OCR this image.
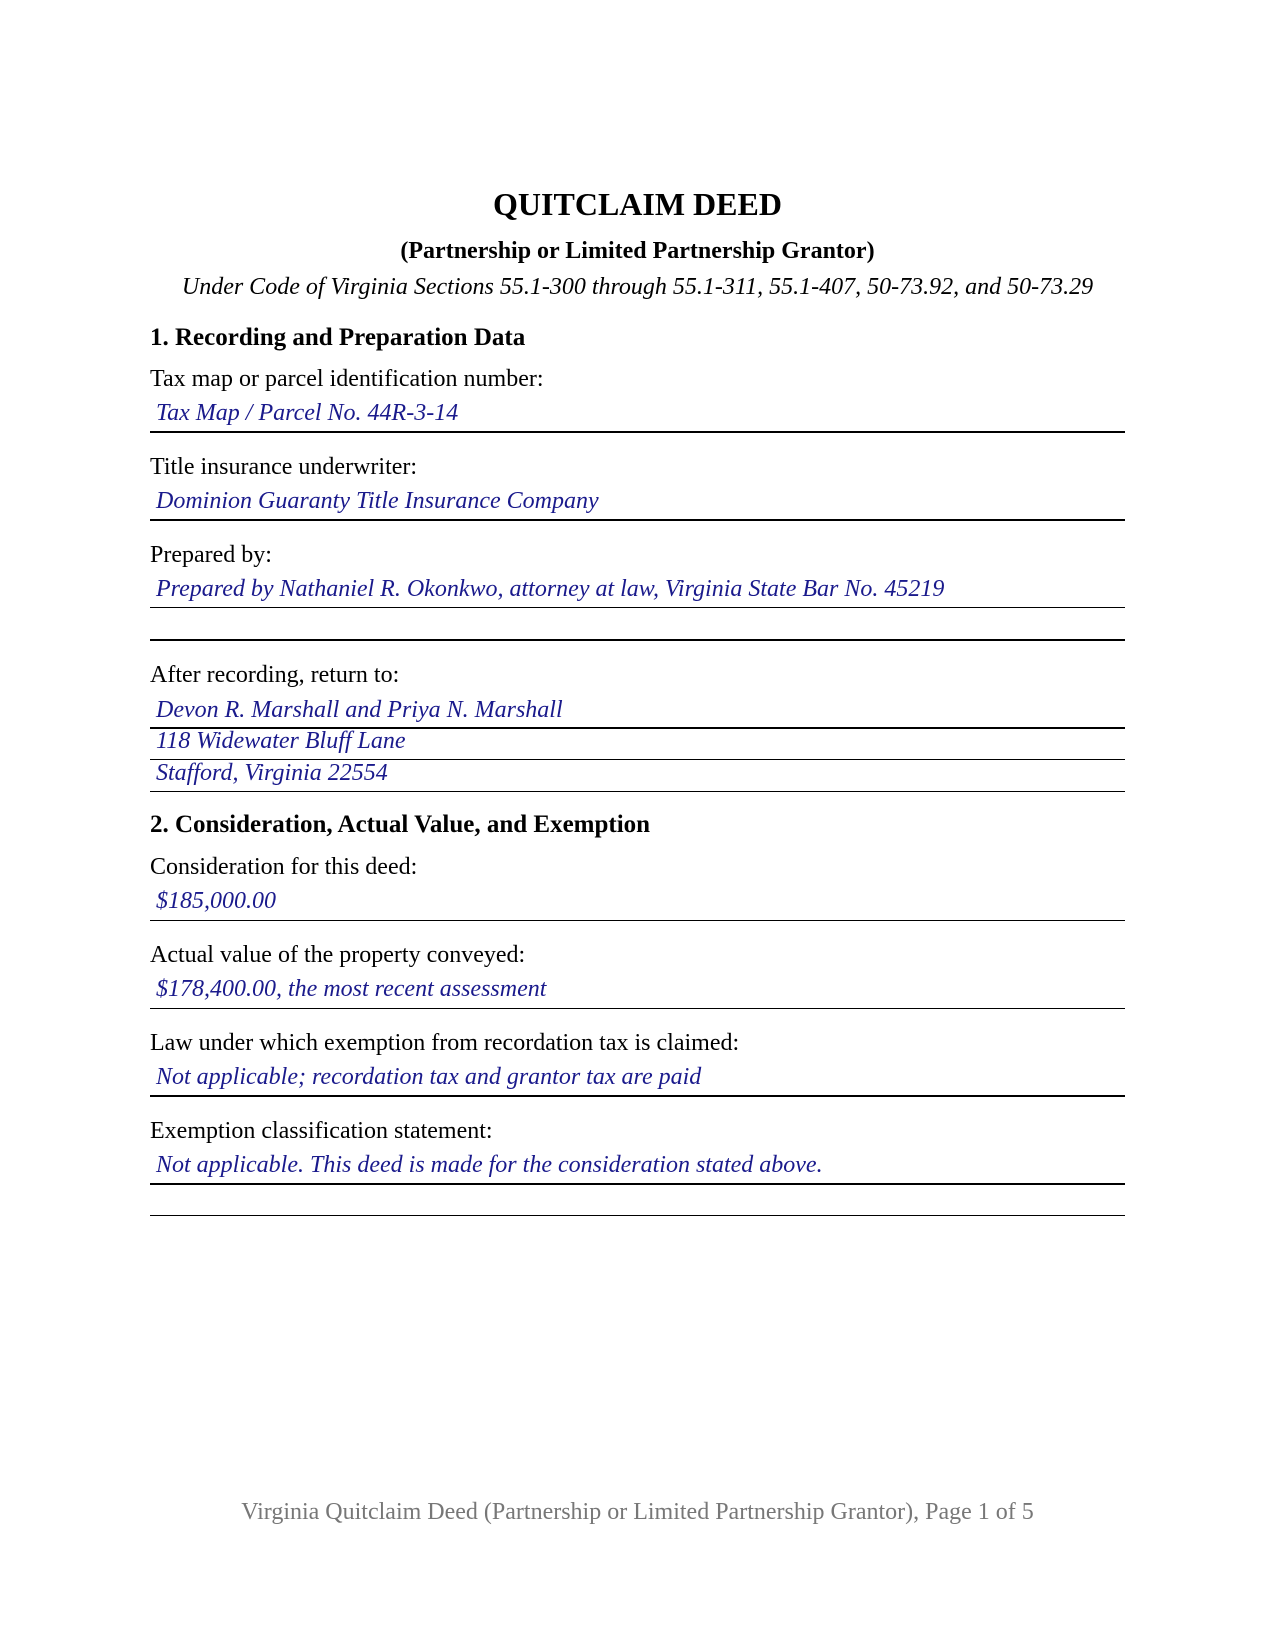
QUITCLAIM DEED
(Partnership or Limited Partnership Grantor)
Under Code of Virginia Sections 55.1-300 through 55.1-311, 55.1-407, 50-73.92, and 50-73.29
1. Recording and Preparation Data
Tax map or parcel identification number:
Tax Map / Parcel No. 44R-3-14
Title insurance underwriter:
Dominion Guaranty Title Insurance Company
Prepared by:
Prepared by Nathaniel R. Okonkwo, attorney at law, Virginia State Bar No. 45219
After recording, return to:
Devon R. Marshall and Priya N. Marshall
118 Widewater Bluff Lane
Stafford, Virginia 22554
2. Consideration, Actual Value, and Exemption
Consideration for this deed:
$185,000.00
Actual value of the property conveyed:
$178,400.00, the most recent assessment
Law under which exemption from recordation tax is claimed:
Not applicable; recordation tax and grantor tax are paid
Exemption classification statement:
Not applicable. This deed is made for the consideration stated above.
Virginia Quitclaim Deed (Partnership or Limited Partnership Grantor), Page 1 of 5
